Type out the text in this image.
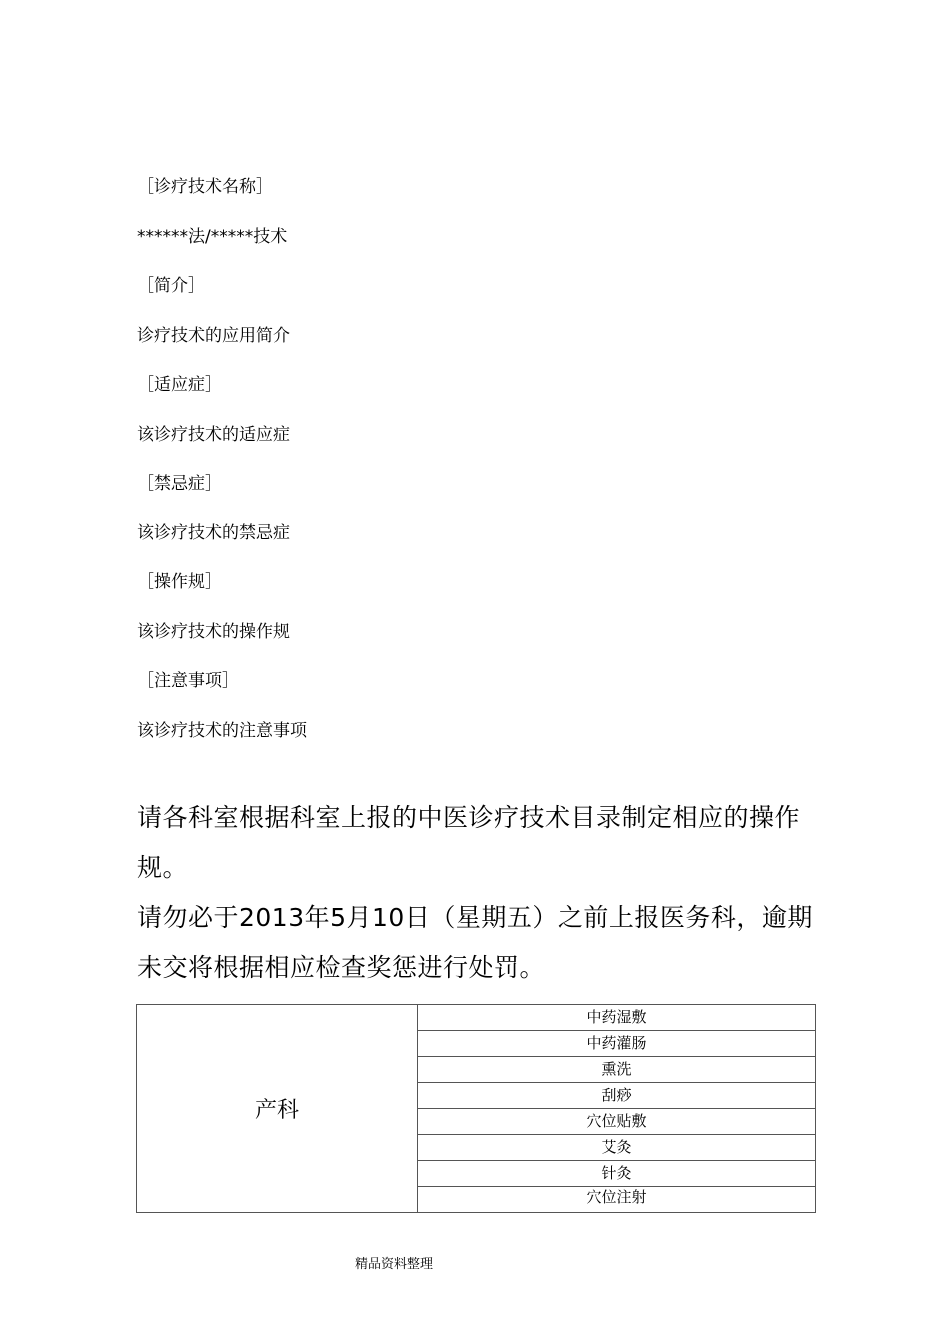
［诊疗技术名称］
******法/*****技术
［简介］
诊疗技术的应用简介
［适应症］
该诊疗技术的适应症
［禁忌症］
该诊疗技术的禁忌症
［操作规］
该诊疗技术的操作规
［注意事项］
该诊疗技术的注意事项
请各科室根据科室上报的中医诊疗技术目录制定相应的操作规。
请勿必于2013年5月10日（星期五）之前上报医务科，逾期未交将根据相应检查奖惩进行处罚。
产科	中药湿敷
中药灌肠
熏洗
刮痧
穴位贴敷
艾灸
针灸
穴位注射
精品资料整理
